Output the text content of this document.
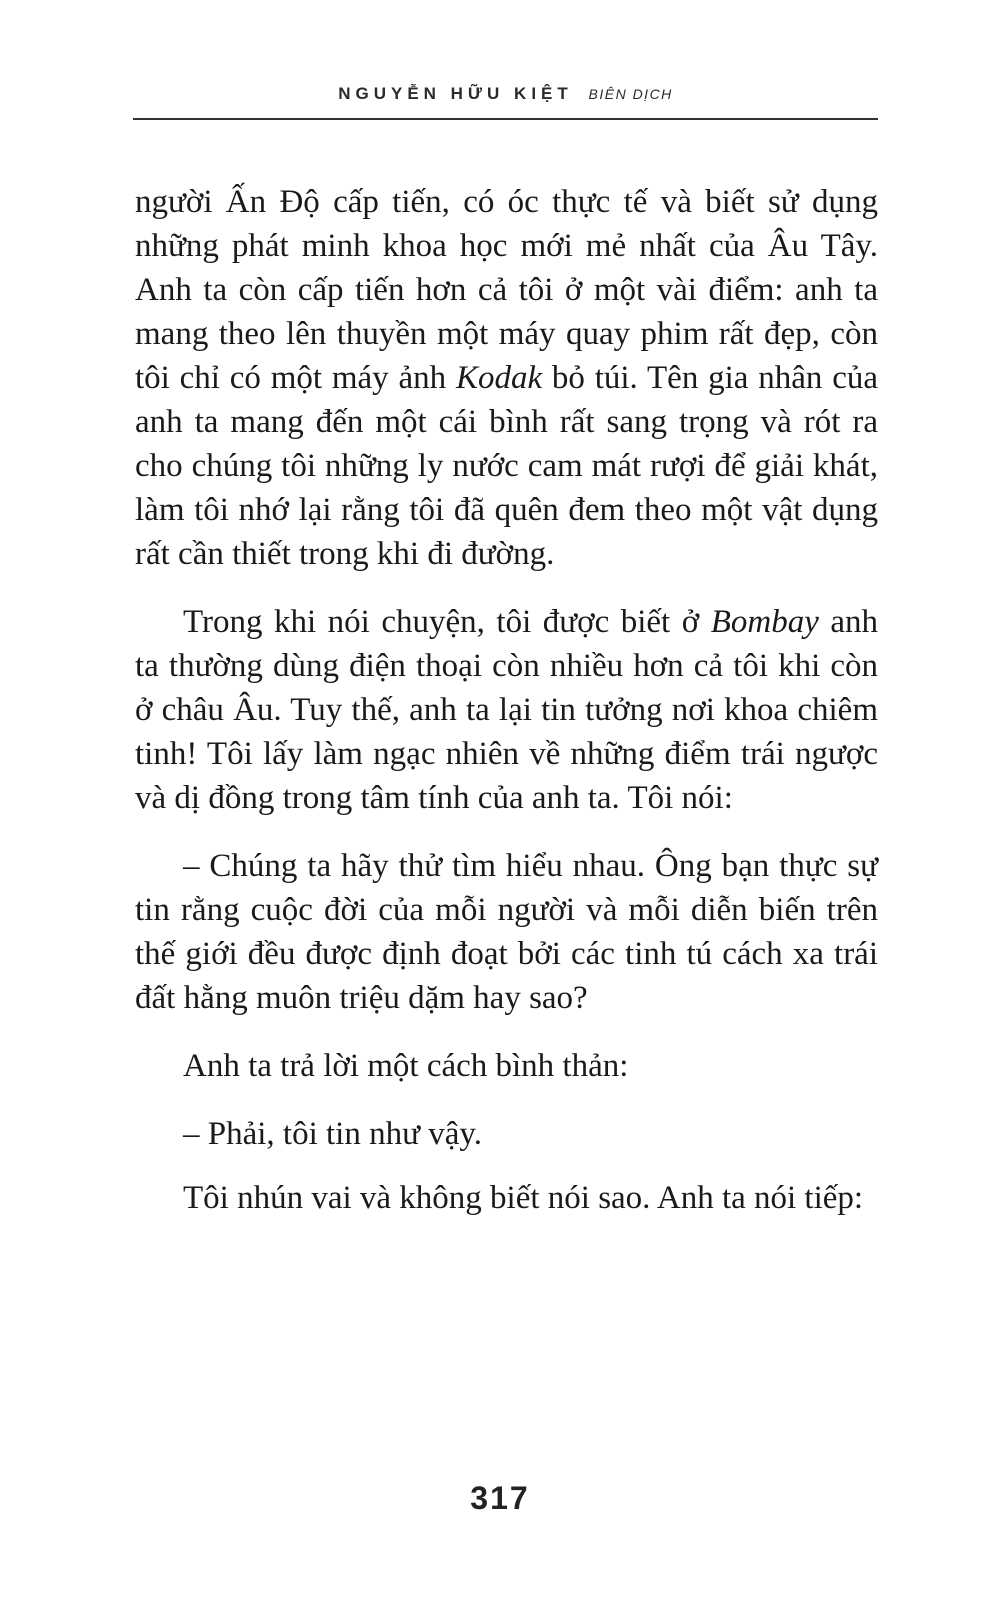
NGUYỄN HỮU KIỆT BIÊN DỊCH

người Ấn Độ cấp tiến, có óc thực tế và biết sử dụng những phát minh khoa học mới mẻ nhất của Âu Tây. Anh ta còn cấp tiến hơn cả tôi ở một vài điểm: anh ta mang theo lên thuyền một máy quay phim rất đẹp, còn tôi chỉ có một máy ảnh Kodak bỏ túi. Tên gia nhân của anh ta mang đến một cái bình rất sang trọng và rót ra cho chúng tôi những ly nước cam mát rượi để giải khát, làm tôi nhớ lại rằng tôi đã quên đem theo một vật dụng rất cần thiết trong khi đi đường.

Trong khi nói chuyện, tôi được biết ở Bombay anh ta thường dùng điện thoại còn nhiều hơn cả tôi khi còn ở châu Âu. Tuy thế, anh ta lại tin tưởng nơi khoa chiêm tinh! Tôi lấy làm ngạc nhiên về những điểm trái ngược và dị đồng trong tâm tính của anh ta. Tôi nói:

– Chúng ta hãy thử tìm hiểu nhau. Ông bạn thực sự tin rằng cuộc đời của mỗi người và mỗi diễn biến trên thế giới đều được định đoạt bởi các tinh tú cách xa trái đất hằng muôn triệu dặm hay sao?

Anh ta trả lời một cách bình thản:

– Phải, tôi tin như vậy.

Tôi nhún vai và không biết nói sao. Anh ta nói tiếp:

317
